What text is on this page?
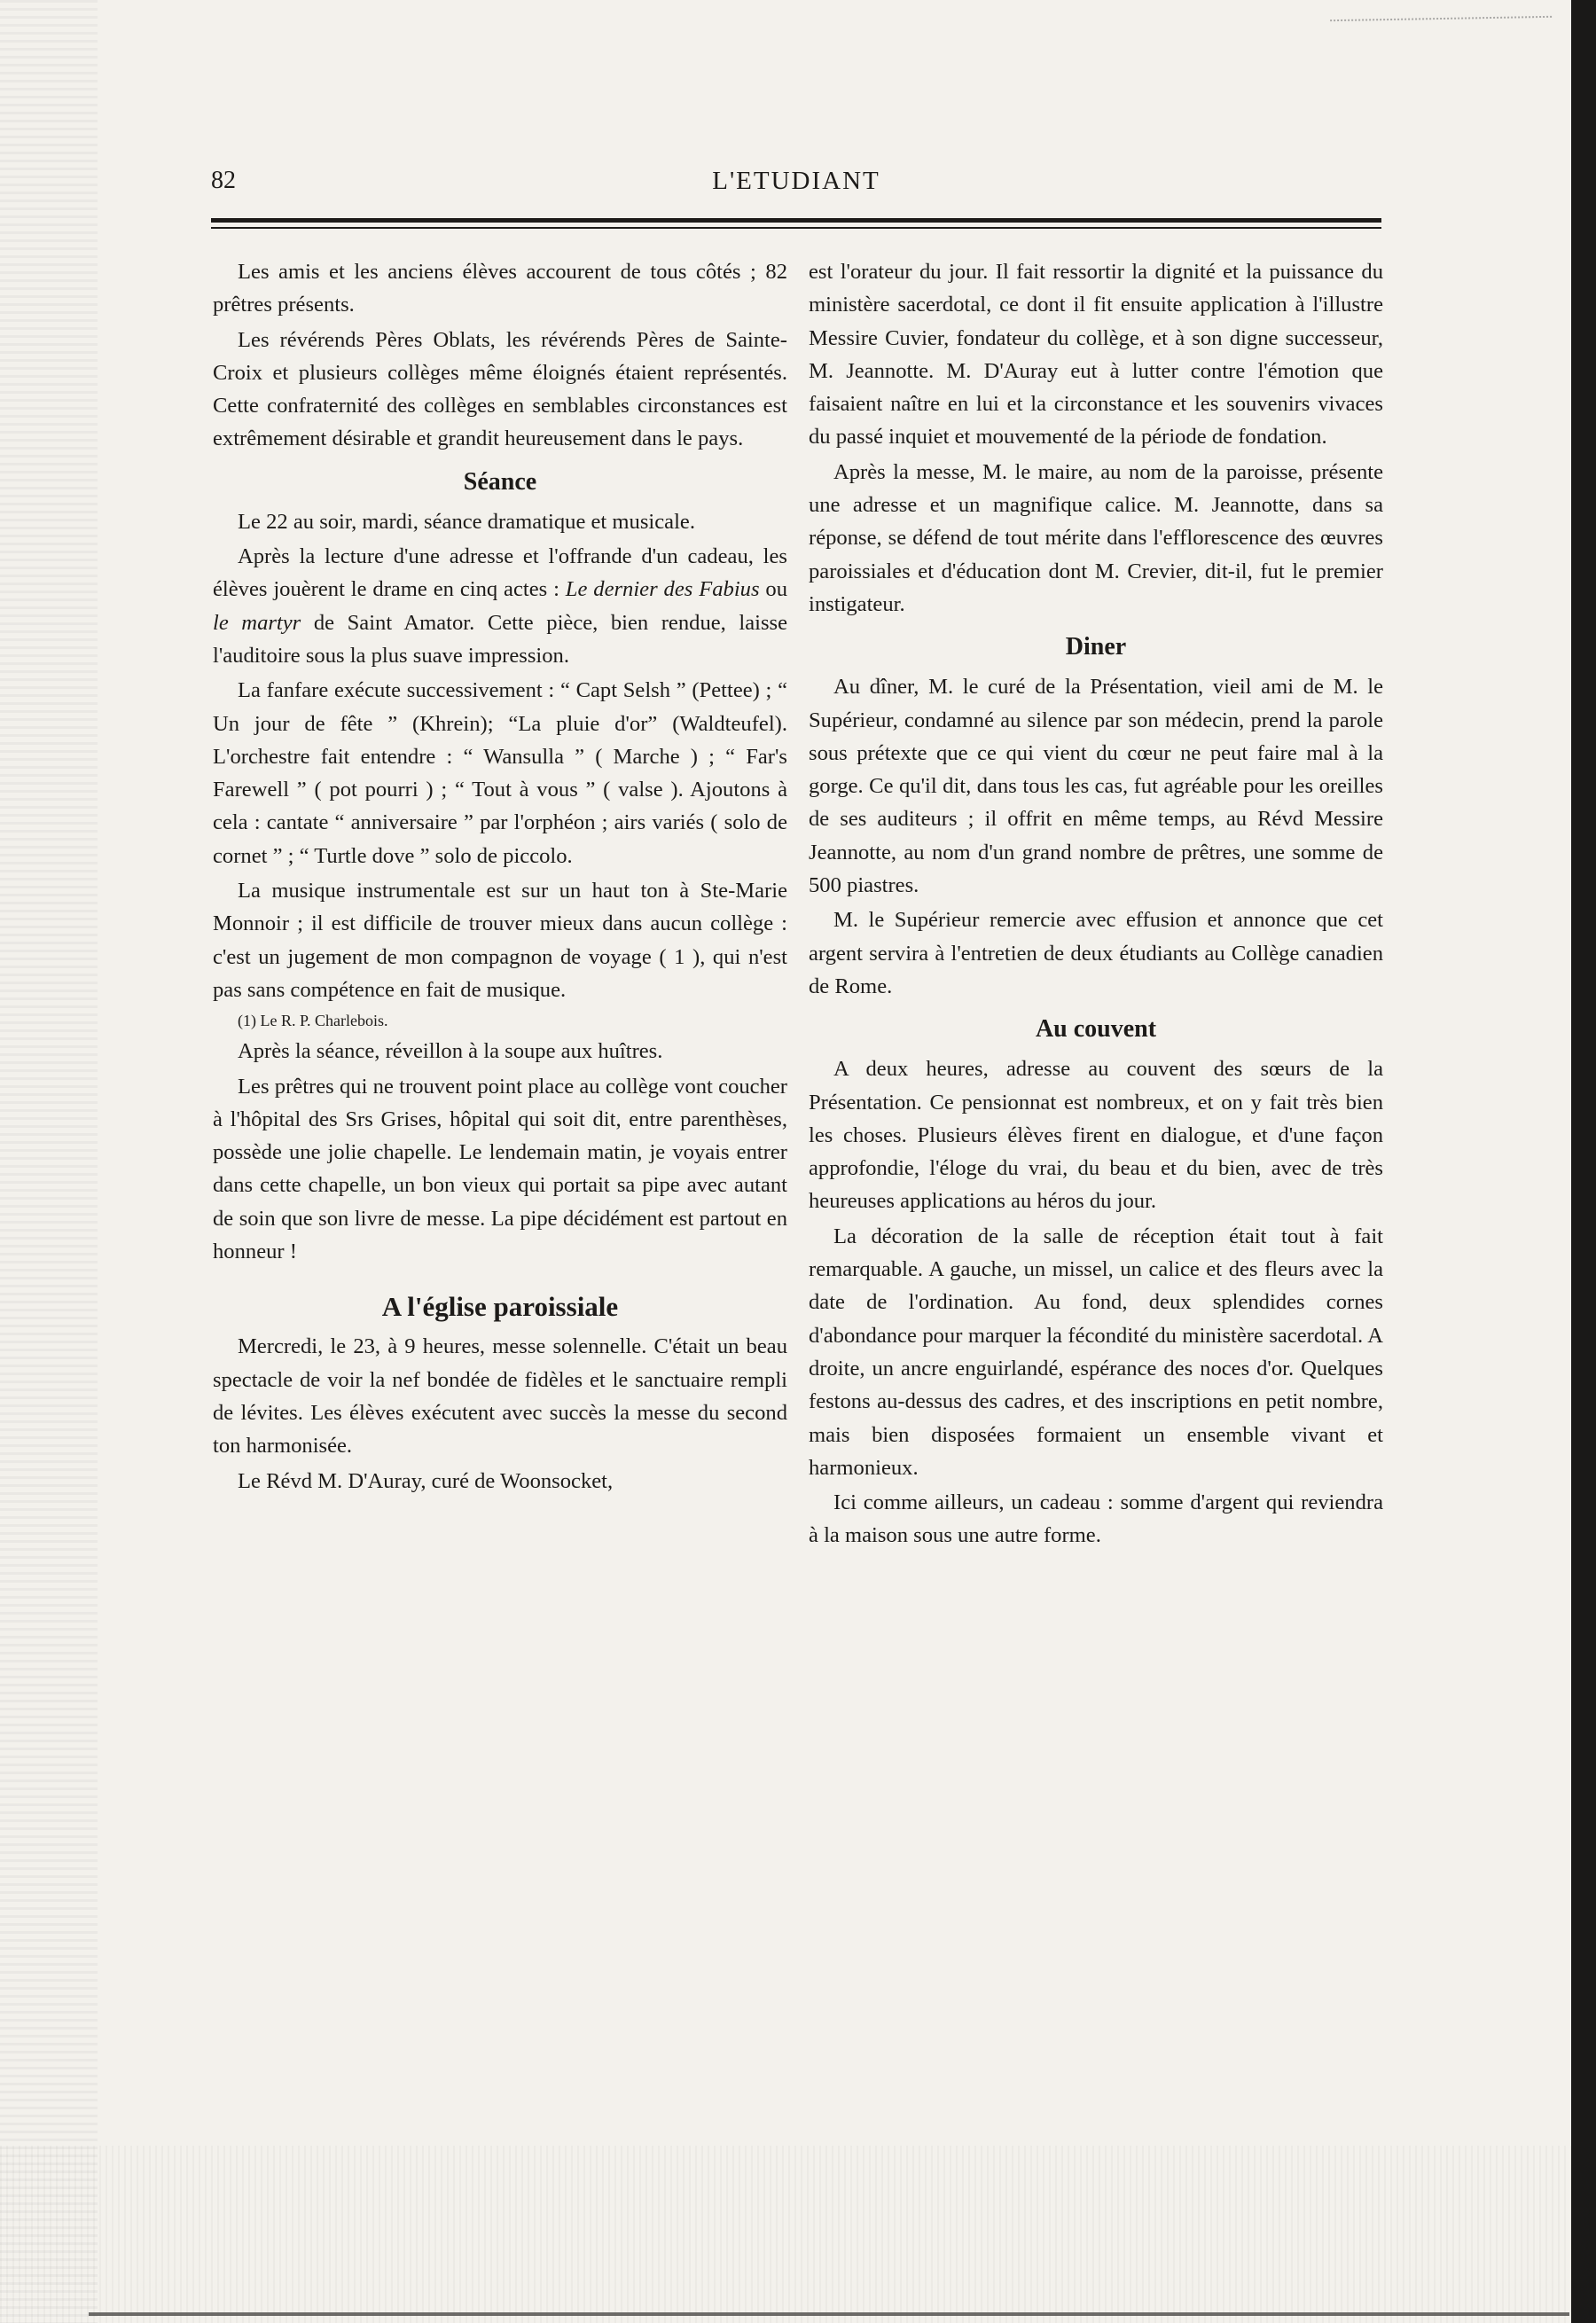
82	L'ETUDIANT

Les amis et les anciens élèves accourent de tous côtés ; 82 prêtres présents.

Les révérends Pères Oblats, les révérends Pères de Sainte-Croix et plusieurs collèges même éloignés étaient représentés. Cette confraternité des collèges en semblables circonstances est extrêmement désirable et grandit heureusement dans le pays.

Séance

Le 22 au soir, mardi, séance dramatique et musicale.

Après la lecture d'une adresse et l'offrande d'un cadeau, les élèves jouèrent le drame en cinq actes : Le dernier des Fabius ou le martyr de Saint Amator. Cette pièce, bien rendue, laisse l'auditoire sous la plus suave impression.

La fanfare exécute successivement : “ Capt Selsh ” (Pettee) ; “ Un jour de fête ” (Khrein); “La pluie d'or” (Waldteufel). L'orchestre fait entendre : “ Wansulla ” ( Marche ) ; “ Far's Farewell ” ( pot pourri ) ; “ Tout à vous ” ( valse ). Ajoutons à cela : cantate “ anniversaire ” par l'orphéon ; airs variés ( solo de cornet ” ; “ Turtle dove ” solo de piccolo.

La musique instrumentale est sur un haut ton à Ste-Marie Monnoir ; il est difficile de trouver mieux dans aucun collège : c'est un jugement de mon compagnon de voyage ( 1 ), qui n'est pas sans compétence en fait de musique.

(1) Le R. P. Charlebois.

Après la séance, réveillon à la soupe aux huîtres.

Les prêtres qui ne trouvent point place au collège vont coucher à l'hôpital des Srs Grises, hôpital qui soit dit, entre parenthèses, possède une jolie chapelle. Le lendemain matin, je voyais entrer dans cette chapelle, un bon vieux qui portait sa pipe avec autant de soin que son livre de messe. La pipe décidément est partout en honneur !

A l'église paroissiale

Mercredi, le 23, à 9 heures, messe solennelle. C'était un beau spectacle de voir la nef bondée de fidèles et le sanctuaire rempli de lévites. Les élèves exécutent avec succès la messe du second ton harmonisée.

Le Révd M. D'Auray, curé de Woonsocket,

est l'orateur du jour. Il fait ressortir la dignité et la puissance du ministère sacerdotal, ce dont il fit ensuite application à l'illustre Messire Cuvier, fondateur du collège, et à son digne successeur, M. Jeannotte. M. D'Auray eut à lutter contre l'émotion que faisaient naître en lui et la circonstance et les souvenirs vivaces du passé inquiet et mouvementé de la période de fondation.

Après la messe, M. le maire, au nom de la paroisse, présente une adresse et un magnifique calice. M. Jeannotte, dans sa réponse, se défend de tout mérite dans l'efflorescence des œuvres paroissiales et d'éducation dont M. Crevier, dit-il, fut le premier instigateur.

Diner

Au dîner, M. le curé de la Présentation, vieil ami de M. le Supérieur, condamné au silence par son médecin, prend la parole sous prétexte que ce qui vient du cœur ne peut faire mal à la gorge. Ce qu'il dit, dans tous les cas, fut agréable pour les oreilles de ses auditeurs ; il offrit en même temps, au Révd Messire Jeannotte, au nom d'un grand nombre de prêtres, une somme de 500 piastres.

M. le Supérieur remercie avec effusion et annonce que cet argent servira à l'entretien de deux étudiants au Collège canadien de Rome.

Au couvent

A deux heures, adresse au couvent des sœurs de la Présentation. Ce pensionnat est nombreux, et on y fait très bien les choses. Plusieurs élèves firent en dialogue, et d'une façon approfondie, l'éloge du vrai, du beau et du bien, avec de très heureuses applications au héros du jour.

La décoration de la salle de réception était tout à fait remarquable. A gauche, un missel, un calice et des fleurs avec la date de l'ordination. Au fond, deux splendides cornes d'abondance pour marquer la fécondité du ministère sacerdotal. A droite, un ancre enguirlandé, espérance des noces d'or. Quelques festons au-dessus des cadres, et des inscriptions en petit nombre, mais bien disposées formaient un ensemble vivant et harmonieux.

Ici comme ailleurs, un cadeau : somme d'argent qui reviendra à la maison sous une autre forme.
